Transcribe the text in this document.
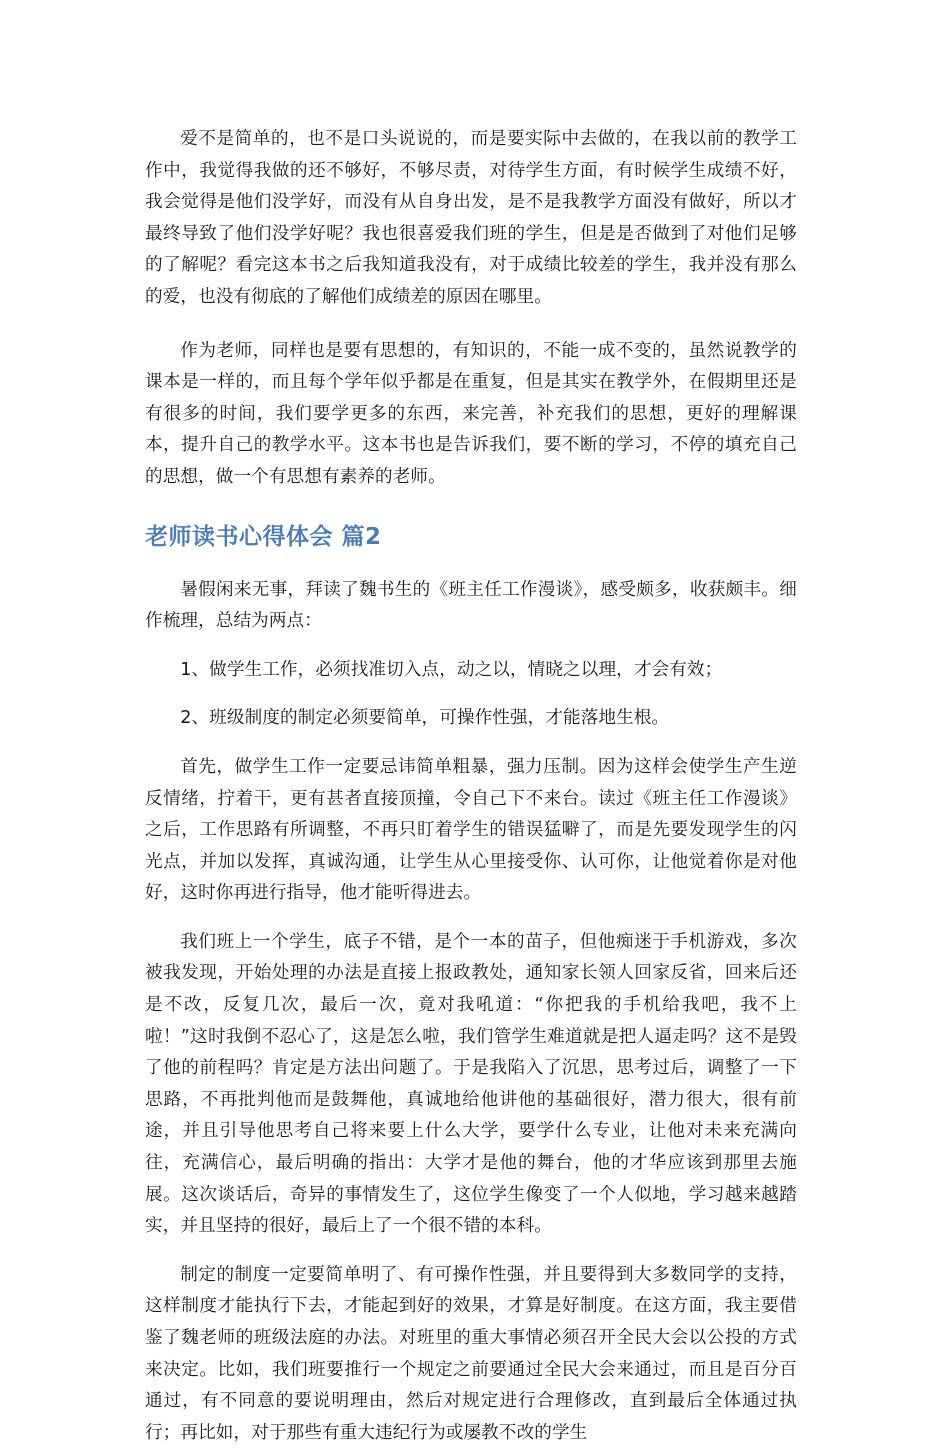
爱不是简单的，也不是口头说说的，而是要实际中去做的，在我以前的教学工作中，我觉得我做的还不够好，不够尽责，对待学生方面，有时候学生成绩不好，我会觉得是他们没学好，而没有从自身出发，是不是我教学方面没有做好，所以才最终导致了他们没学好呢？我也很喜爱我们班的学生，但是是否做到了对他们足够的了解呢？看完这本书之后我知道我没有，对于成绩比较差的学生，我并没有那么的爱，也没有彻底的了解他们成绩差的原因在哪里。

作为老师，同样也是要有思想的，有知识的，不能一成不变的，虽然说教学的课本是一样的，而且每个学年似乎都是在重复，但是其实在教学外，在假期里还是有很多的时间，我们要学更多的东西，来完善，补充我们的思想，更好的理解课本，提升自己的教学水平。这本书也是告诉我们，要不断的学习，不停的填充自己的思想，做一个有思想有素养的老师。

老师读书心得体会 篇2

暑假闲来无事，拜读了魏书生的《班主任工作漫谈》，感受颇多，收获颇丰。细作梳理，总结为两点：

1、做学生工作，必须找准切入点，动之以，情晓之以理，才会有效；

2、班级制度的制定必须要简单，可操作性强，才能落地生根。

首先，做学生工作一定要忌讳简单粗暴，强力压制。因为这样会使学生产生逆反情绪，拧着干，更有甚者直接顶撞，令自己下不来台。读过《班主任工作漫谈》之后，工作思路有所调整，不再只盯着学生的错误猛噼了，而是先要发现学生的闪光点，并加以发挥，真诚沟通，让学生从心里接受你、认可你，让他觉着你是对他好，这时你再进行指导，他才能听得进去。

我们班上一个学生，底子不错，是个一本的苗子，但他痴迷于手机游戏，多次被我发现，开始处理的办法是直接上报政教处，通知家长领人回家反省，回来后还是不改，反复几次，最后一次，竟对我吼道：“你把我的手机给我吧，我不上啦！”这时我倒不忍心了，这是怎么啦，我们管学生难道就是把人逼走吗？这不是毁了他的前程吗？肯定是方法出问题了。于是我陷入了沉思，思考过后，调整了一下思路，不再批判他而是鼓舞他，真诚地给他讲他的基础很好，潜力很大，很有前途，并且引导他思考自己将来要上什么大学，要学什么专业，让他对未来充满向往，充满信心，最后明确的指出：大学才是他的舞台，他的才华应该到那里去施展。这次谈话后，奇异的事情发生了，这位学生像变了一个人似地，学习越来越踏实，并且坚持的很好，最后上了一个很不错的本科。

制定的制度一定要简单明了、有可操作性强，并且要得到大多数同学的支持，这样制度才能执行下去，才能起到好的效果，才算是好制度。在这方面，我主要借鉴了魏老师的班级法庭的办法。对班里的重大事情必须召开全民大会以公投的方式来决定。比如，我们班要推行一个规定之前要通过全民大会来通过，而且是百分百通过，有不同意的要说明理由，然后对规定进行合理修改，直到最后全体通过执行；再比如，对于那些有重大违纪行为或屡教不改的学生
